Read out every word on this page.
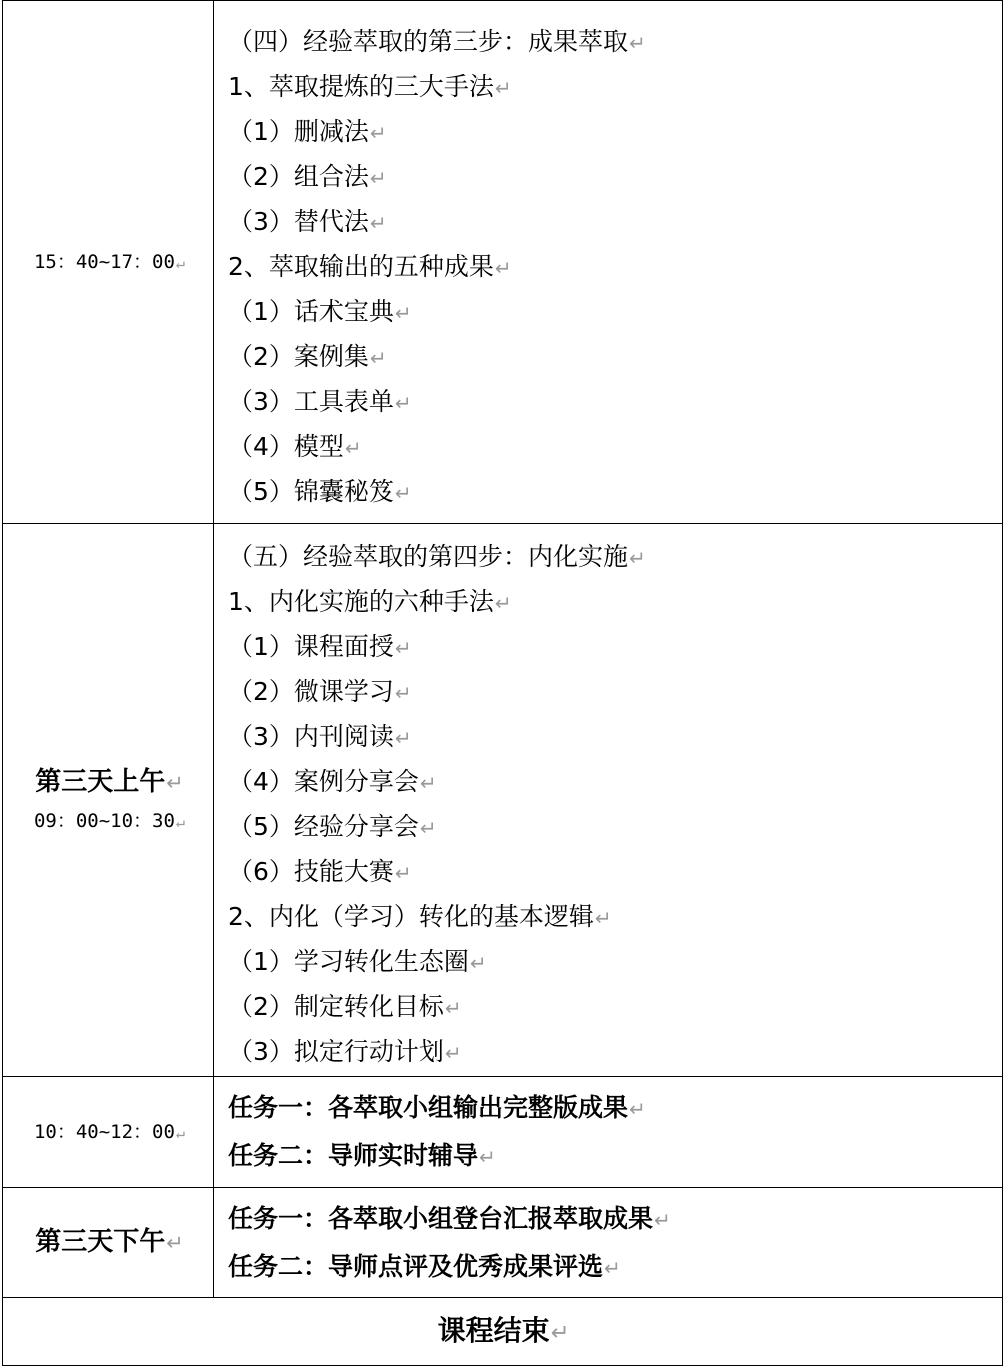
15：40~17：00↵
（四）经验萃取的第三步：成果萃取↵
1、萃取提炼的三大手法↵
（1）删减法↵
（2）组合法↵
（3）替代法↵
2、萃取输出的五种成果↵
（1）话术宝典↵
（2）案例集↵
（3）工具表单↵
（4）模型↵
（5）锦囊秘笈↵
第三天上午↵
09：00~10：30↵
（五）经验萃取的第四步：内化实施↵
1、内化实施的六种手法↵
（1）课程面授↵
（2）微课学习↵
（3）内刊阅读↵
（4）案例分享会↵
（5）经验分享会↵
（6）技能大赛↵
2、内化（学习）转化的基本逻辑↵
（1）学习转化生态圈↵
（2）制定转化目标↵
（3）拟定行动计划↵
10：40~12：00↵
任务一：各萃取小组输出完整版成果↵
任务二：导师实时辅导↵
第三天下午↵
任务一：各萃取小组登台汇报萃取成果↵
任务二：导师点评及优秀成果评选↵
课程结束↵
